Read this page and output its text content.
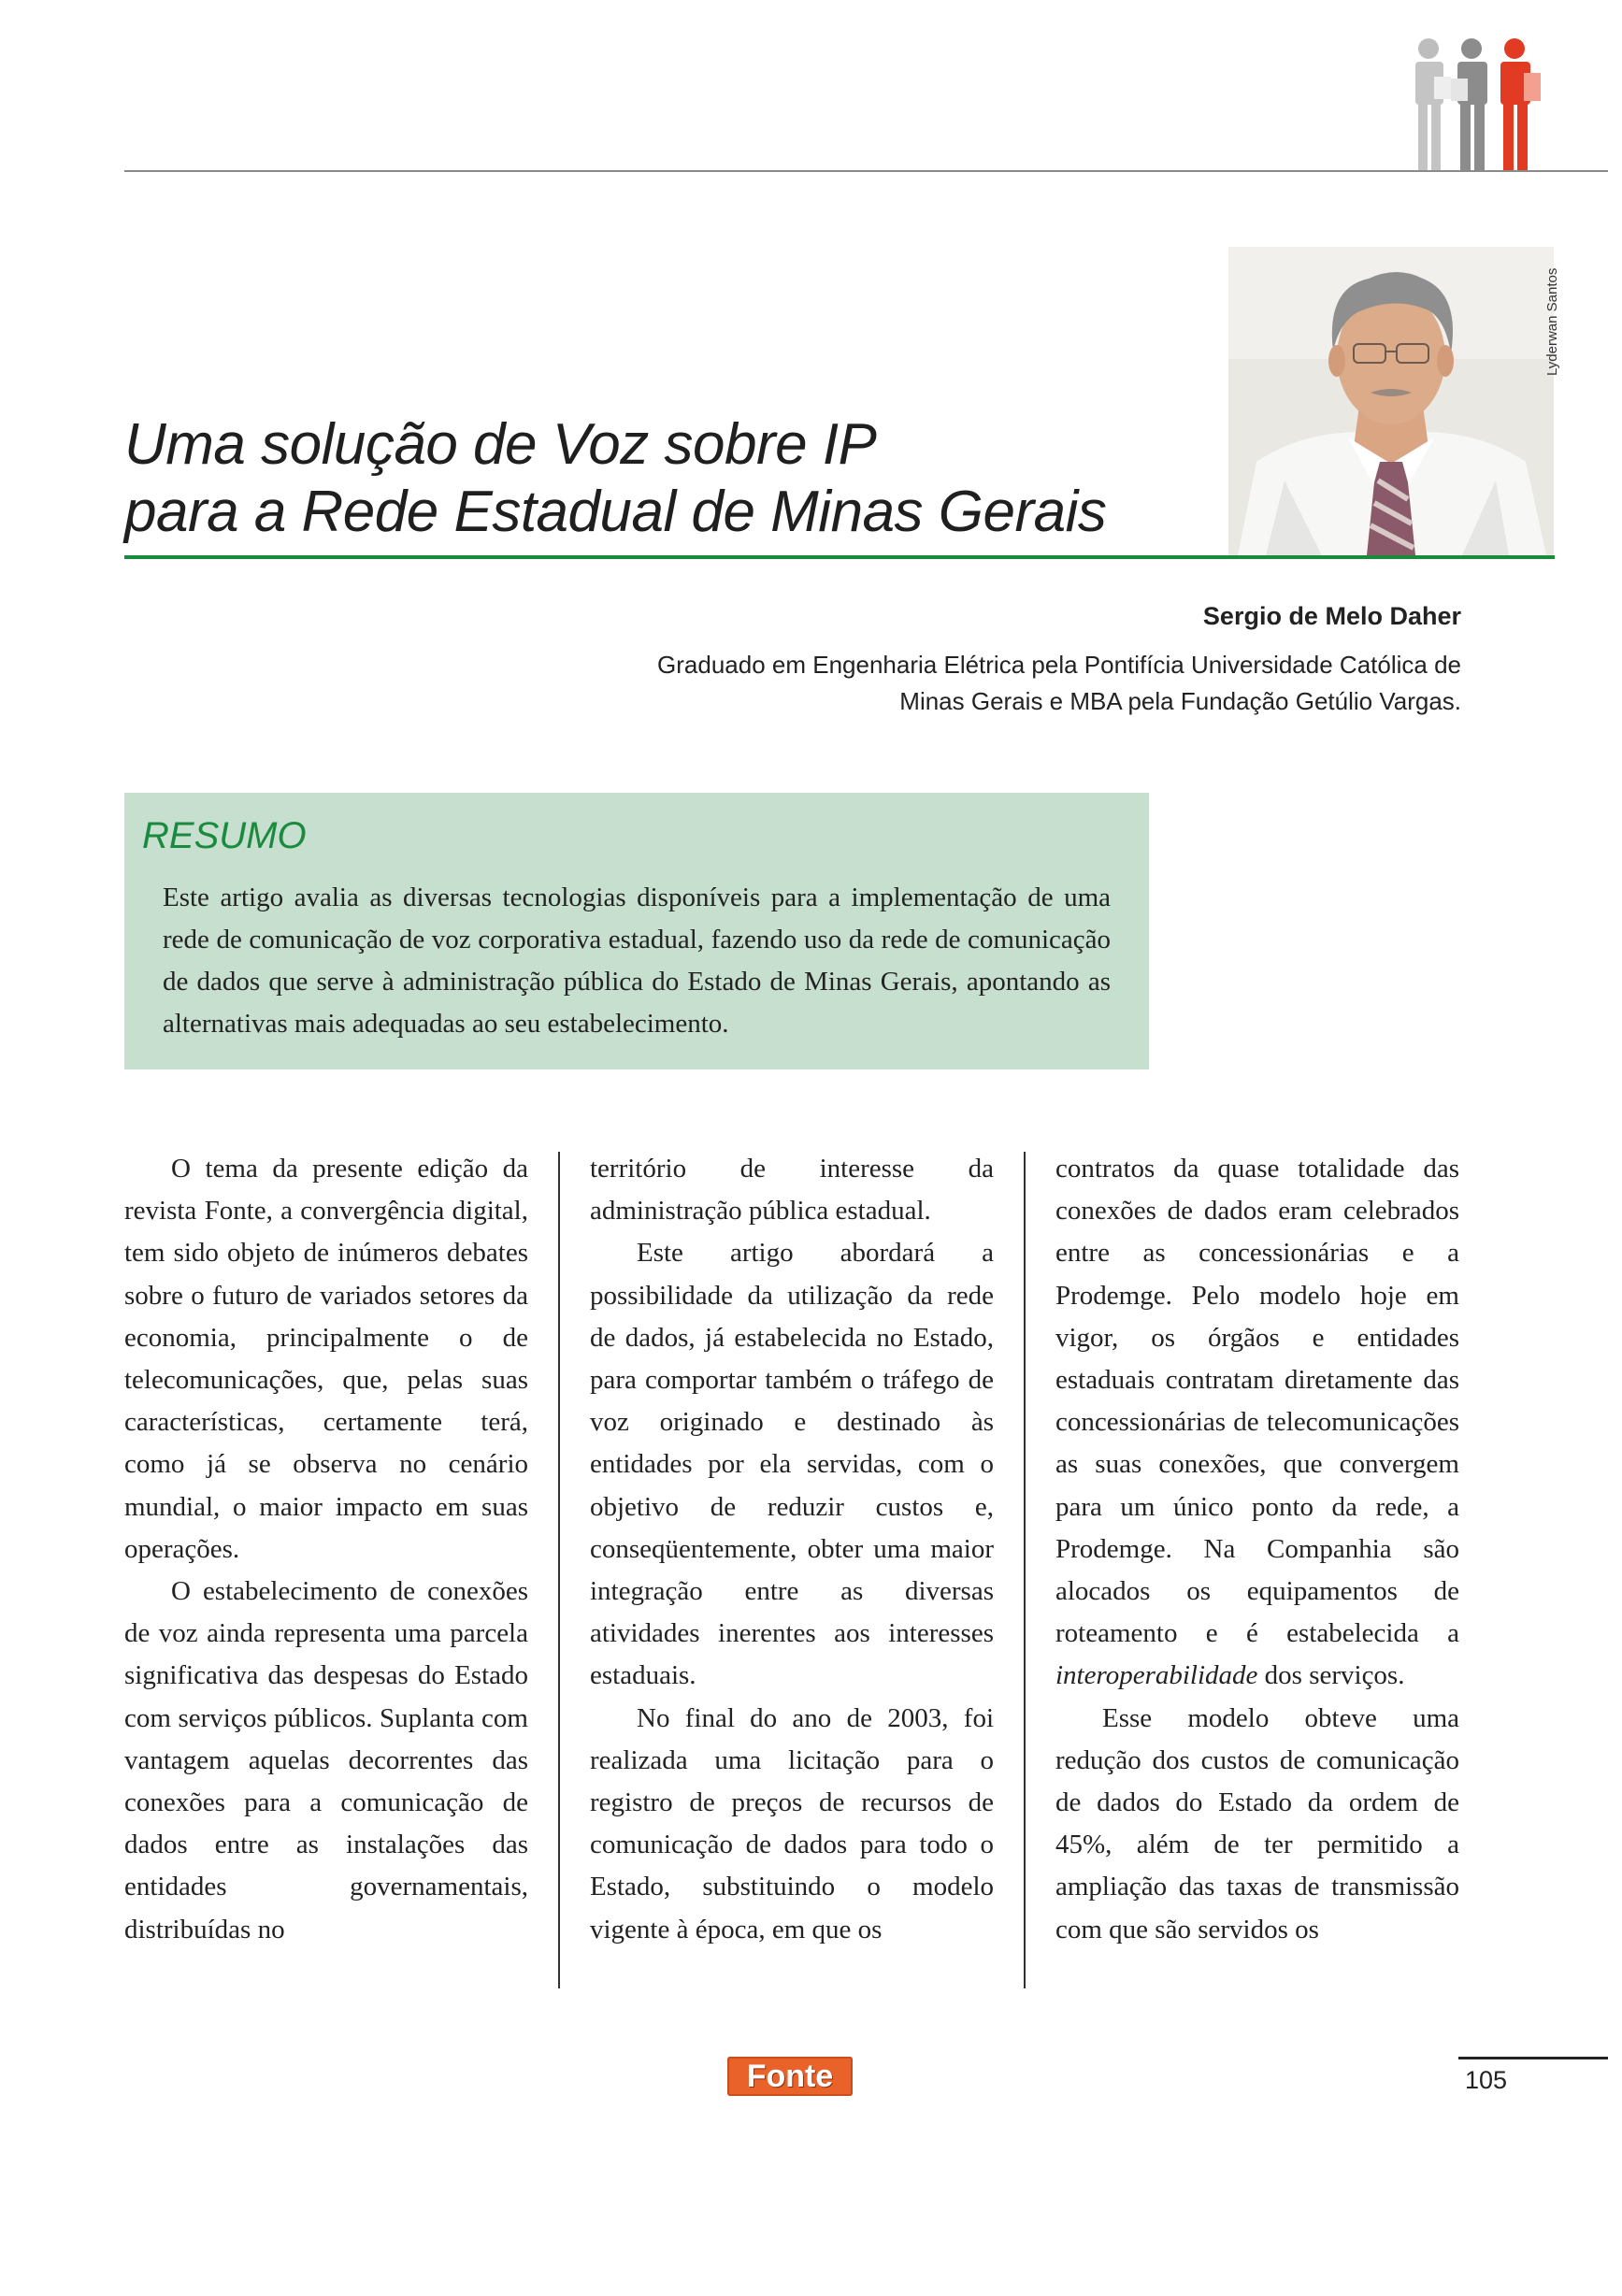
Uma solução de Voz sobre IP
para a Rede Estadual de Minas Gerais
Lyderwan Santos
Sergio de Melo Daher
Graduado em Engenharia Elétrica pela Pontifícia Universidade Católica de
Minas Gerais e MBA pela Fundação Getúlio Vargas.
RESUMO
Este artigo avalia as diversas tecnologias disponíveis para a implementação de uma rede de comunicação de voz corporativa estadual, fazendo uso da rede de comunicação de dados que serve à administração pública do Estado de Minas Gerais, apontando as alternativas mais adequadas ao seu estabelecimento.

O tema da presente edição da revista Fonte, a convergência digital, tem sido objeto de inúmeros debates sobre o futuro de variados setores da economia, principalmente o de telecomunicações, que, pelas suas características, certamente terá, como já se observa no cenário mundial, o maior impacto em suas operações.

O estabelecimento de conexões de voz ainda representa uma parcela significativa das despesas do Estado com serviços públicos. Suplanta com vantagem aquelas decorrentes das conexões para a comunicação de dados entre as instalações das entidades governamentais, distribuídas no

território de interesse da administração pública estadual.

Este artigo abordará a possibilidade da utilização da rede de dados, já estabelecida no Estado, para comportar também o tráfego de voz originado e destinado às entidades por ela servidas, com o objetivo de reduzir custos e, conseqüentemente, obter uma maior integração entre as diversas atividades inerentes aos interesses estaduais.

No final do ano de 2003, foi realizada uma licitação para o registro de preços de recursos de comunicação de dados para todo o Estado, substituindo o modelo vigente à época, em que os

contratos da quase totalidade das conexões de dados eram celebrados entre as concessionárias e a Prodemge. Pelo modelo hoje em vigor, os órgãos e entidades estaduais contratam diretamente das concessionárias de telecomunicações as suas conexões, que convergem para um único ponto da rede, a Prodemge. Na Companhia são alocados os equipamentos de roteamento e é estabelecida a interoperabilidade dos serviços.

Esse modelo obteve uma redução dos custos de comunicação de dados do Estado da ordem de 45%, além de ter permitido a ampliação das taxas de transmissão com que são servidos os

Fonte	105
